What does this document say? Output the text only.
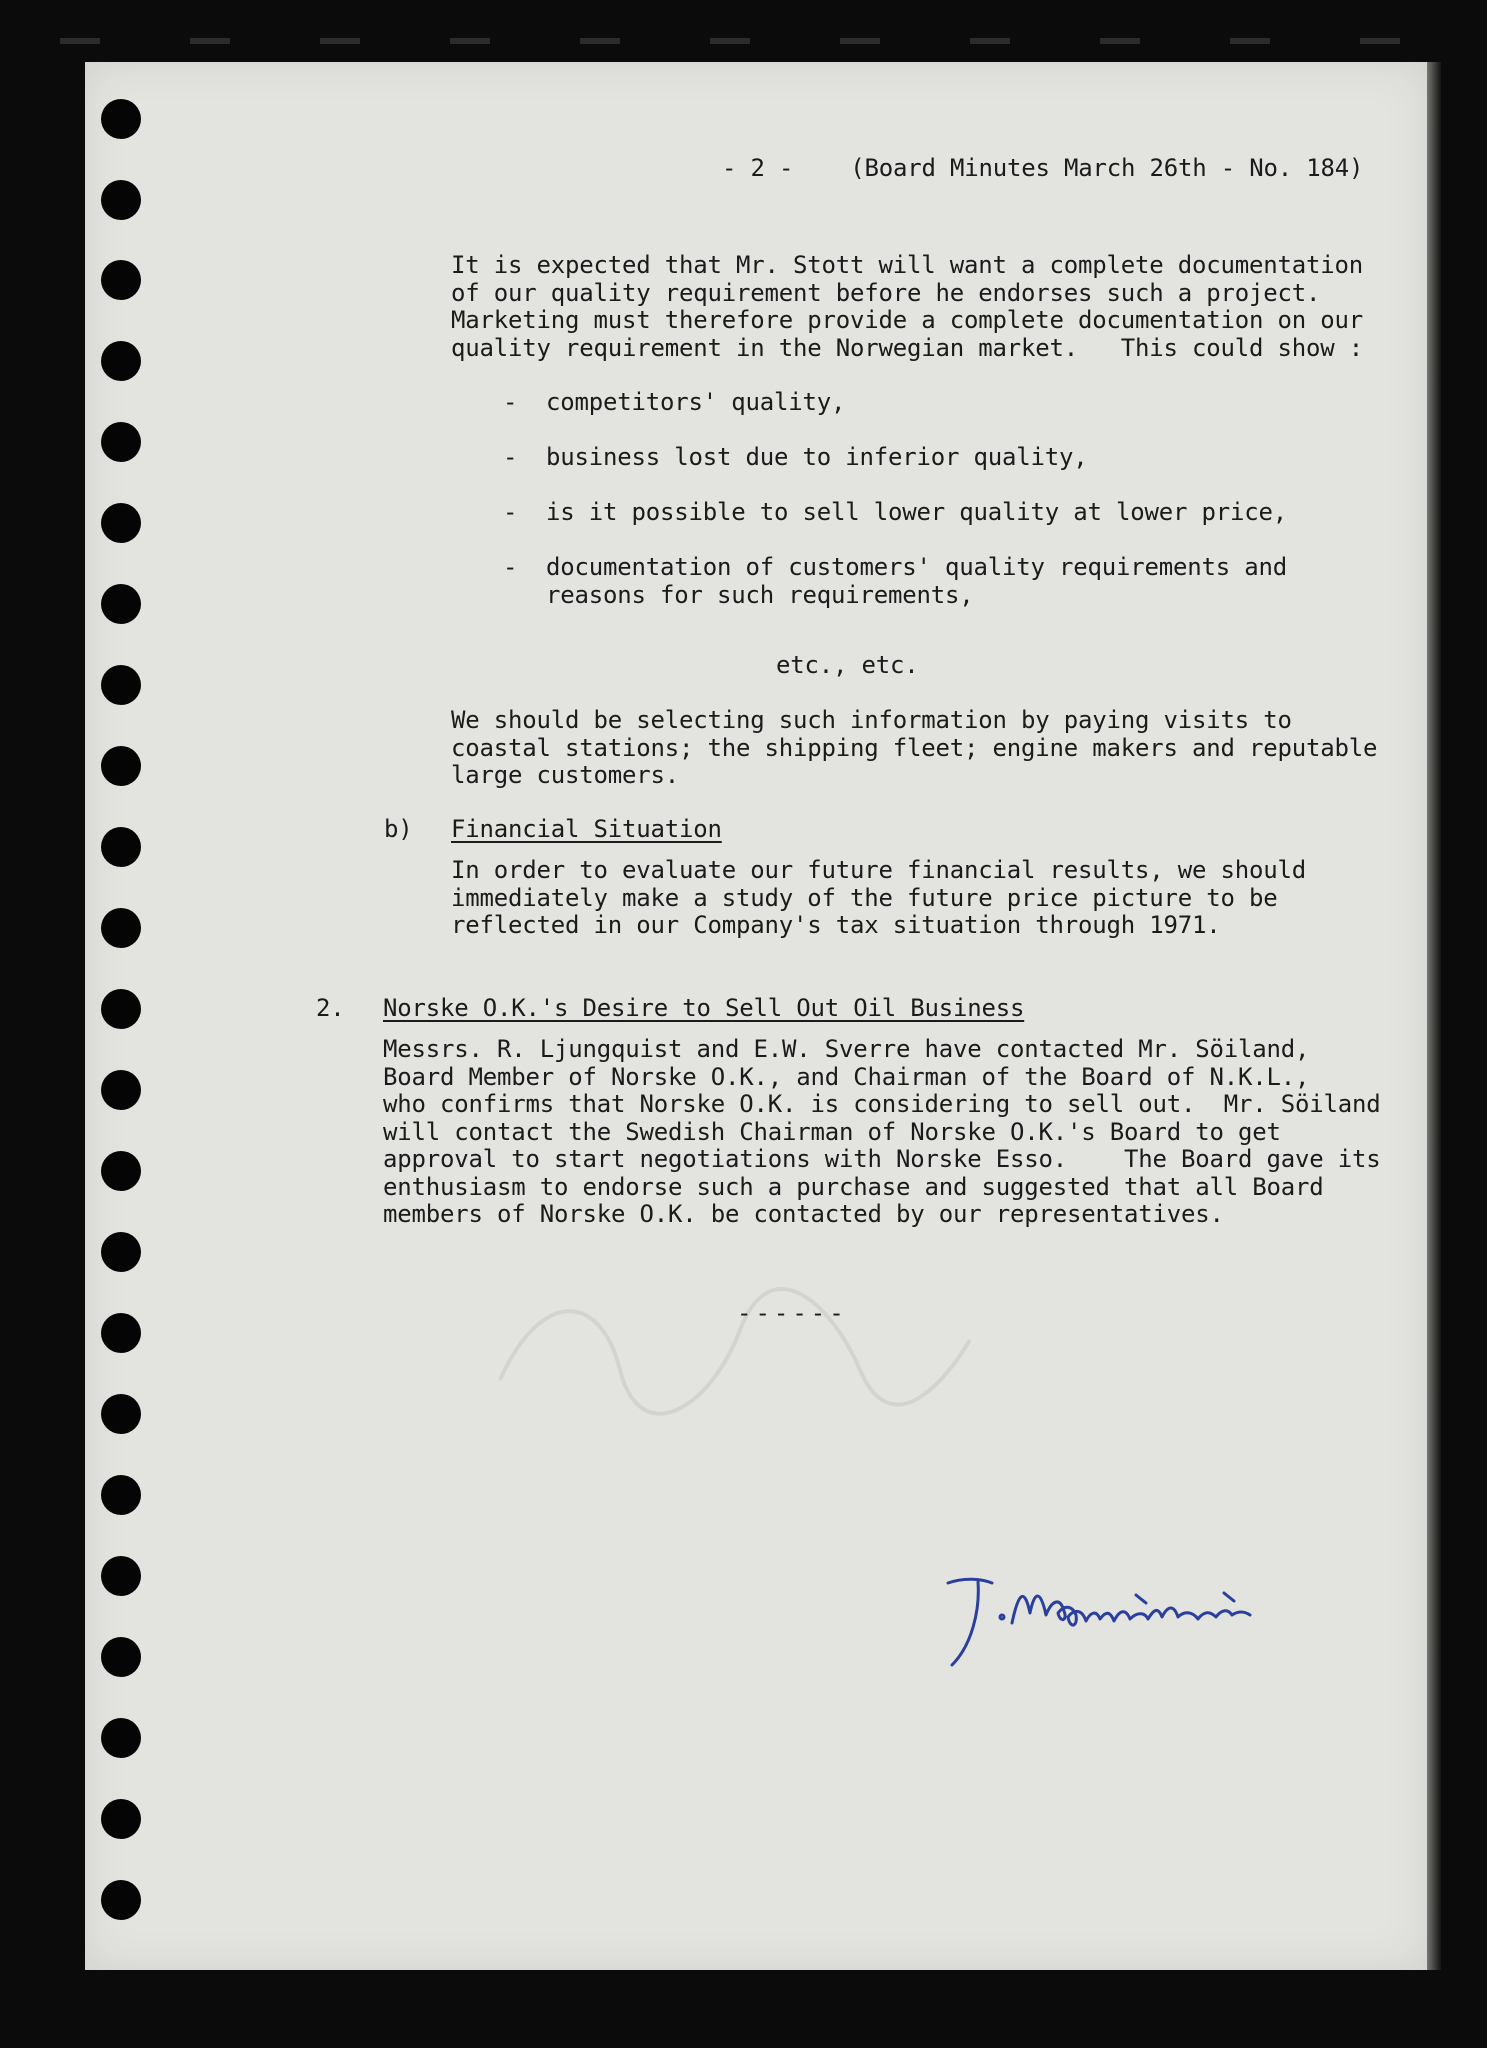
- 2 -    (Board Minutes March 26th - No. 184)
It is expected that Mr. Stott will want a complete documentation
of our quality requirement before he endorses such a project.
Marketing must therefore provide a complete documentation on our
quality requirement in the Norwegian market.   This could show :
- competitors' quality,
- business lost due to inferior quality,
- is it possible to sell lower quality at lower price,
- documentation of customers' quality requirements and
reasons for such requirements,
etc., etc.
We should be selecting such information by paying visits to
coastal stations; the shipping fleet; engine makers and reputable
large customers.
b) Financial Situation
In order to evaluate our future financial results, we should
immediately make a study of the future price picture to be
reflected in our Company's tax situation through 1971.
2. Norske O.K.'s Desire to Sell Out Oil Business
Messrs. R. Ljungquist and E.W. Sverre have contacted Mr. Söiland,
Board Member of Norske O.K., and Chairman of the Board of N.K.L.,
who confirms that Norske O.K. is considering to sell out.  Mr. Söiland
will contact the Swedish Chairman of Norske O.K.'s Board to get
approval to start negotiations with Norske Esso.    The Board gave its
enthusiasm to endorse such a purchase and suggested that all Board
members of Norske O.K. be contacted by our representatives.
------
